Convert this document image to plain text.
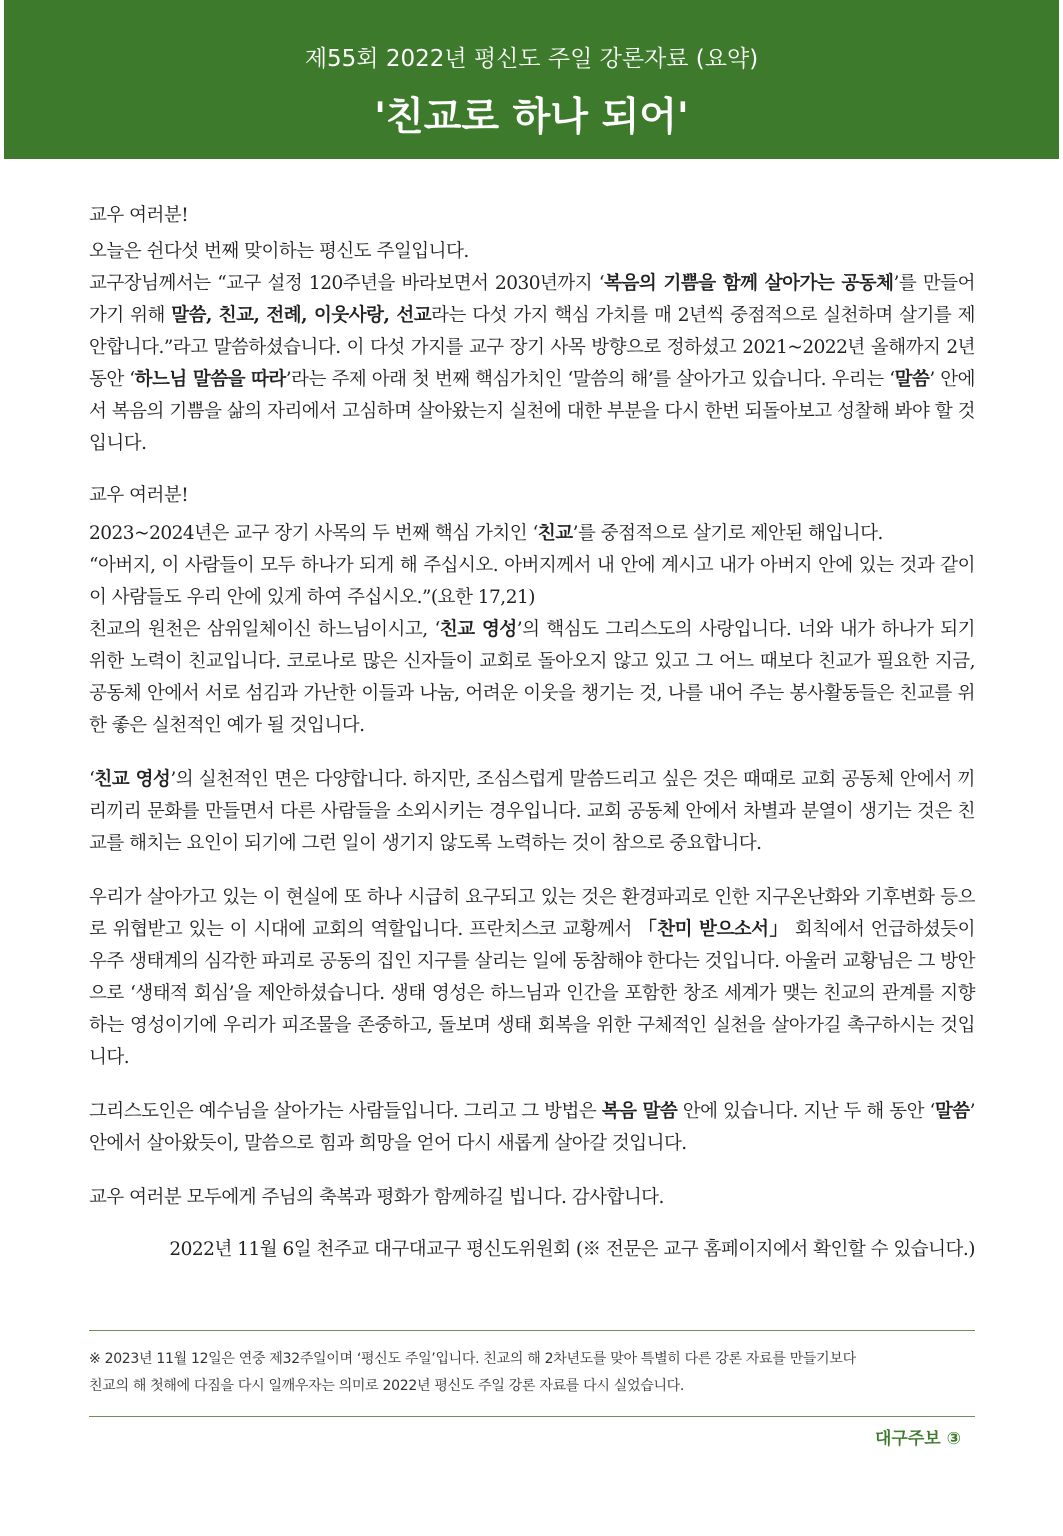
제55회 2022년 평신도 주일 강론자료 (요약)
'친교로 하나 되어'

교우 여러분!

오늘은 쉰다섯 번째 맞이하는 평신도 주일입니다.

교구장님께서는 “교구 설정 120주년을 바라보면서 2030년까지 ‘복음의 기쁨을 함께 살아가는 공동체’를 만들어가기 위해 말씀, 친교, 전례, 이웃사랑, 선교라는 다섯 가지 핵심 가치를 매 2년씩 중점적으로 실천하며 살기를 제안합니다.”라고 말씀하셨습니다. 이 다섯 가지를 교구 장기 사목 방향으로 정하셨고 2021~2022년 올해까지 2년 동안 ‘하느님 말씀을 따라’라는 주제 아래 첫 번째 핵심가치인 ‘말씀의 해’를 살아가고 있습니다. 우리는 ‘말씀’ 안에서 복음의 기쁨을 삶의 자리에서 고심하며 살아왔는지 실천에 대한 부분을 다시 한번 되돌아보고 성찰해 봐야 할 것입니다.

교우 여러분!

2023~2024년은 교구 장기 사목의 두 번째 핵심 가치인 ‘친교’를 중점적으로 살기로 제안된 해입니다.

“아버지, 이 사람들이 모두 하나가 되게 해 주십시오. 아버지께서 내 안에 계시고 내가 아버지 안에 있는 것과 같이 이 사람들도 우리 안에 있게 하여 주십시오.”(요한 17,21)

친교의 원천은 삼위일체이신 하느님이시고, ‘친교 영성’의 핵심도 그리스도의 사랑입니다. 너와 내가 하나가 되기 위한 노력이 친교입니다. 코로나로 많은 신자들이 교회로 돌아오지 않고 있고 그 어느 때보다 친교가 필요한 지금, 공동체 안에서 서로 섬김과 가난한 이들과 나눔, 어려운 이웃을 챙기는 것, 나를 내어 주는 봉사활동들은 친교를 위한 좋은 실천적인 예가 될 것입니다.

‘친교 영성’의 실천적인 면은 다양합니다. 하지만, 조심스럽게 말씀드리고 싶은 것은 때때로 교회 공동체 안에서 끼리끼리 문화를 만들면서 다른 사람들을 소외시키는 경우입니다. 교회 공동체 안에서 차별과 분열이 생기는 것은 친교를 해치는 요인이 되기에 그런 일이 생기지 않도록 노력하는 것이 참으로 중요합니다.

우리가 살아가고 있는 이 현실에 또 하나 시급히 요구되고 있는 것은 환경파괴로 인한 지구온난화와 기후변화 등으로 위협받고 있는 이 시대에 교회의 역할입니다. 프란치스코 교황께서 「찬미 받으소서」 회칙에서 언급하셨듯이 우주 생태계의 심각한 파괴로 공동의 집인 지구를 살리는 일에 동참해야 한다는 것입니다. 아울러 교황님은 그 방안으로 ‘생태적 회심’을 제안하셨습니다. 생태 영성은 하느님과 인간을 포함한 창조 세계가 맺는 친교의 관계를 지향하는 영성이기에 우리가 피조물을 존중하고, 돌보며 생태 회복을 위한 구체적인 실천을 살아가길 촉구하시는 것입니다.

그리스도인은 예수님을 살아가는 사람들입니다. 그리고 그 방법은 복음 말씀 안에 있습니다. 지난 두 해 동안 ‘말씀’ 안에서 살아왔듯이, 말씀으로 힘과 희망을 얻어 다시 새롭게 살아갈 것입니다.

교우 여러분 모두에게 주님의 축복과 평화가 함께하길 빕니다. 감사합니다.

2022년 11월 6일 천주교 대구대교구 평신도위원회 (※ 전문은 교구 홈페이지에서 확인할 수 있습니다.)

※ 2023년 11월 12일은 연중 제32주일이며 ‘평신도 주일’입니다. 친교의 해 2차년도를 맞아 특별히 다른 강론 자료를 만들기보다
친교의 해 첫해에 다짐을 다시 일깨우자는 의미로 2022년 평신도 주일 강론 자료를 다시 실었습니다.
대구주보 ③
